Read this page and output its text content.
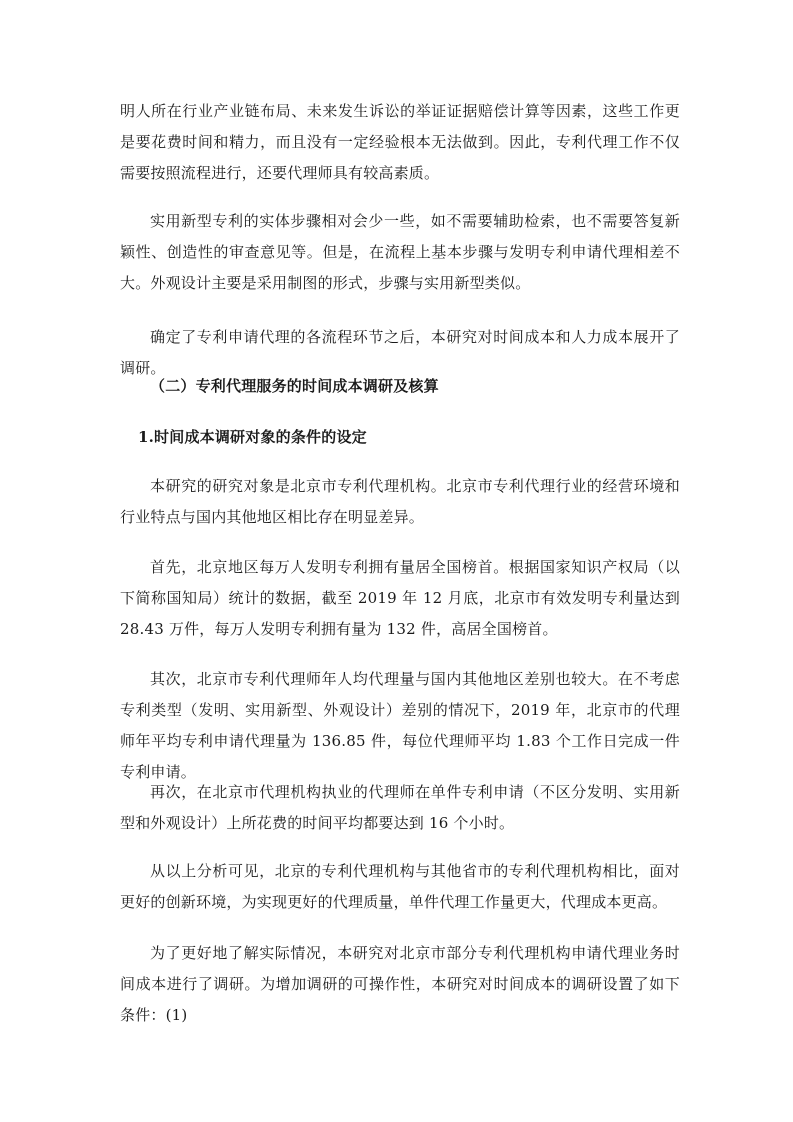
明人所在行业产业链布局、未来发生诉讼的举证证据赔偿计算等因素，这些工作更是要花费时间和精力，而且没有一定经验根本无法做到。因此，专利代理工作不仅需要按照流程进行，还要代理师具有较高素质。

实用新型专利的实体步骤相对会少一些，如不需要辅助检索，也不需要答复新颖性、创造性的审查意见等。但是，在流程上基本步骤与发明专利申请代理相差不大。外观设计主要是采用制图的形式，步骤与实用新型类似。

确定了专利申请代理的各流程环节之后，本研究对时间成本和人力成本展开了调研。

（二）专利代理服务的时间成本调研及核算
1.时间成本调研对象的条件的设定

本研究的研究对象是北京市专利代理机构。北京市专利代理行业的经营环境和行业特点与国内其他地区相比存在明显差异。

首先，北京地区每万人发明专利拥有量居全国榜首。根据国家知识产权局（以下简称国知局）统计的数据，截至 2019 年 12 月底，北京市有效发明专利量达到 28.43 万件，每万人发明专利拥有量为 132 件，高居全国榜首。

其次，北京市专利代理师年人均代理量与国内其他地区差别也较大。在不考虑专利类型（发明、实用新型、外观设计）差别的情况下，2019 年，北京市的代理师年平均专利申请代理量为 136.85 件，每位代理师平均 1.83 个工作日完成一件专利申请。

再次，在北京市代理机构执业的代理师在单件专利申请（不区分发明、实用新型和外观设计）上所花费的时间平均都要达到 16 个小时。

从以上分析可见，北京的专利代理机构与其他省市的专利代理机构相比，面对更好的创新环境，为实现更好的代理质量，单件代理工作量更大，代理成本更高。

为了更好地了解实际情况，本研究对北京市部分专利代理机构申请代理业务时间成本进行了调研。为增加调研的可操作性，本研究对时间成本的调研设置了如下条件：(1)
